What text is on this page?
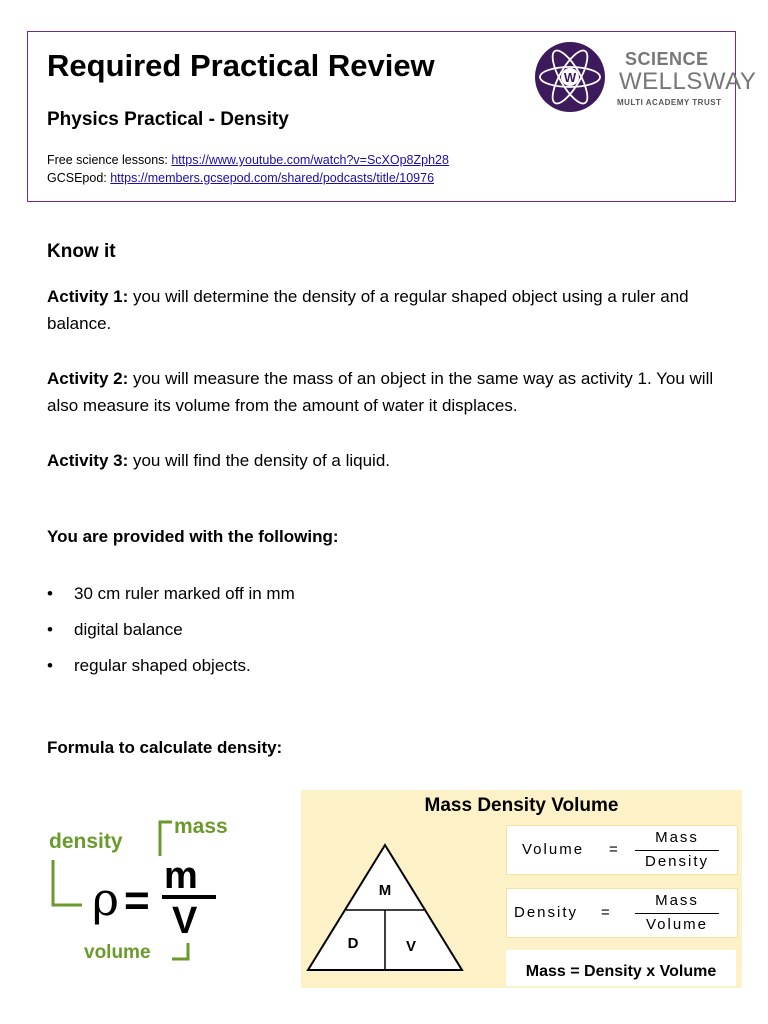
Required Practical Review
Physics Practical - Density
Free science lessons: https://www.youtube.com/watch?v=ScXOp8Zph28
GCSEpod: https://members.gcsepod.com/shared/podcasts/title/10976
W
SCIENCE
WELLSWAY
MULTI ACADEMY TRUST
Know it

Activity 1: you will determine the density of a regular shaped object using a ruler and balance.

Activity 2: you will measure the mass of an object in the same way as activity 1. You will also measure its volume from the amount of water it displaces.

Activity 3: you will find the density of a liquid.

You are provided with the following:
• 30 cm ruler marked off in mm
• digital balance
• regular shaped objects.
Formula to calculate density:
density
mass
volume
ρ = m
V
Mass Density Volume
M
D	V
Volume =
Mass
Density
Density =
Mass
Volume
Mass = Density x Volume
